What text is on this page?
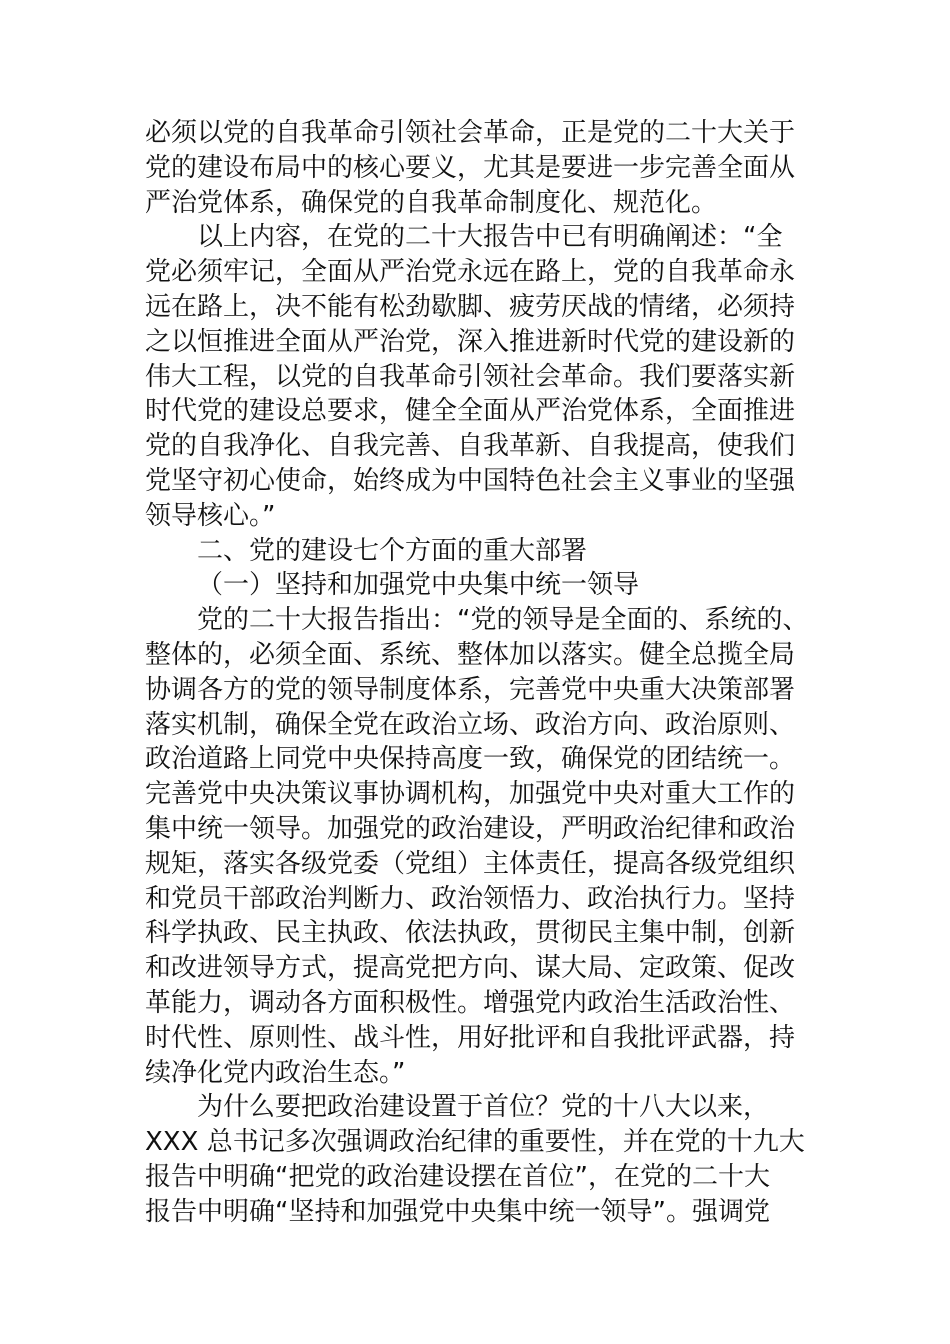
必须以党的自我革命引领社会革命，正是党的二十大关于
党的建设布局中的核心要义，尤其是要进一步完善全面从
严治党体系，确保党的自我革命制度化、规范化。
以上内容，在党的二十大报告中已有明确阐述：“全
党必须牢记，全面从严治党永远在路上，党的自我革命永
远在路上，决不能有松劲歇脚、疲劳厌战的情绪，必须持
之以恒推进全面从严治党，深入推进新时代党的建设新的
伟大工程，以党的自我革命引领社会革命。我们要落实新
时代党的建设总要求，健全全面从严治党体系，全面推进
党的自我净化、自我完善、自我革新、自我提高，使我们
党坚守初心使命，始终成为中国特色社会主义事业的坚强
领导核心。”
二、党的建设七个方面的重大部署
（一）坚持和加强党中央集中统一领导
党的二十大报告指出：“党的领导是全面的、系统的、
整体的，必须全面、系统、整体加以落实。健全总揽全局
协调各方的党的领导制度体系，完善党中央重大决策部署
落实机制，确保全党在政治立场、政治方向、政治原则、
政治道路上同党中央保持高度一致，确保党的团结统一。
完善党中央决策议事协调机构，加强党中央对重大工作的
集中统一领导。加强党的政治建设，严明政治纪律和政治
规矩，落实各级党委（党组）主体责任，提高各级党组织
和党员干部政治判断力、政治领悟力、政治执行力。坚持
科学执政、民主执政、依法执政，贯彻民主集中制，创新
和改进领导方式，提高党把方向、谋大局、定政策、促改
革能力，调动各方面积极性。增强党内政治生活政治性、
时代性、原则性、战斗性，用好批评和自我批评武器，持
续净化党内政治生态。”
为什么要把政治建设置于首位？党的十八大以来，
XXX 总书记多次强调政治纪律的重要性，并在党的十九大
报告中明确“把党的政治建设摆在首位”，在党的二十大
报告中明确“坚持和加强党中央集中统一领导”。强调党
